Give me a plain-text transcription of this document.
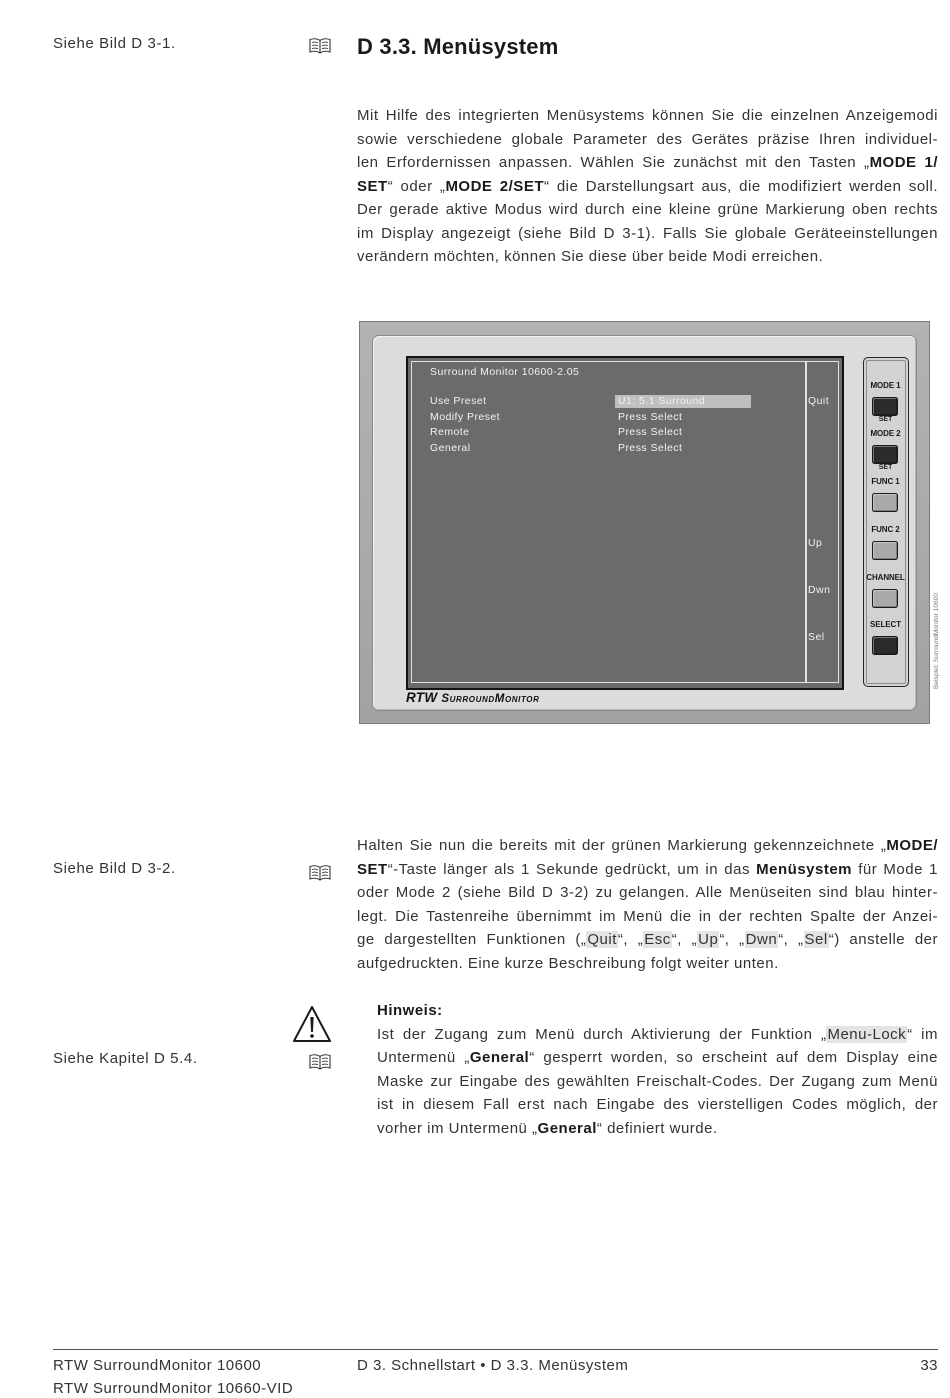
Siehe Bild D 3-1.	D 3.3. Menüsystem
Mit Hilfe des integrierten Menüsystems können Sie die einzelnen Anzeigemodi
sowie verschiedene globale Parameter des Gerätes präzise Ihren individuel-
len Erfordernissen anpassen. Wählen Sie zunächst mit den Tasten „MODE 1/
SET“ oder „MODE 2/SET“ die Darstellungsart aus, die modifiziert werden soll.
Der gerade aktive Modus wird durch eine kleine grüne Markierung oben rechts
im Display angezeigt (siehe Bild D 3-1). Falls Sie globale Geräteeinstellungen
verändern möchten, können Sie diese über beide Modi erreichen.
Surround Monitor 10600-2.05
Use Preset	U1: 5.1 Surround
Modify Preset	Press Select
Remote	Press Select
General	Press Select
Quit
Up
Dwn
Sel
MODE 1
SET
MODE 2
SET
FUNC 1
FUNC 2
CHANNEL
SELECT
RTW SurroundMonitor
Beispiel: SurroundMonitor 10600
Siehe Bild D 3-2.
Halten Sie nun die bereits mit der grünen Markierung gekennzeichnete „MODE/
SET“-Taste länger als 1 Sekunde gedrückt, um in das Menüsystem für Mode 1
oder Mode 2 (siehe Bild D 3-2) zu gelangen. Alle Menüseiten sind blau hinter-
legt. Die Tastenreihe übernimmt im Menü die in der rechten Spalte der Anzei-
ge dargestellten Funktionen („Quit“, „Esc“, „Up“, „Dwn“, „Sel“) anstelle der
aufgedruckten. Eine kurze Beschreibung folgt weiter unten.
Hinweis:
Ist der Zugang zum Menü durch Aktivierung der Funktion „Menu-Lock“ im
Untermenü „General“ gesperrt worden, so erscheint auf dem Display eine
Maske zur Eingabe des gewählten Freischalt-Codes. Der Zugang zum Menü
ist in diesem Fall erst nach Eingabe des vierstelligen Codes möglich, der
vorher im Untermenü „General“ definiert wurde.
Siehe Kapitel D 5.4.
RTW SurroundMonitor 10600
RTW SurroundMonitor 10660-VID
D 3. Schnellstart • D 3.3. Menüsystem	33
